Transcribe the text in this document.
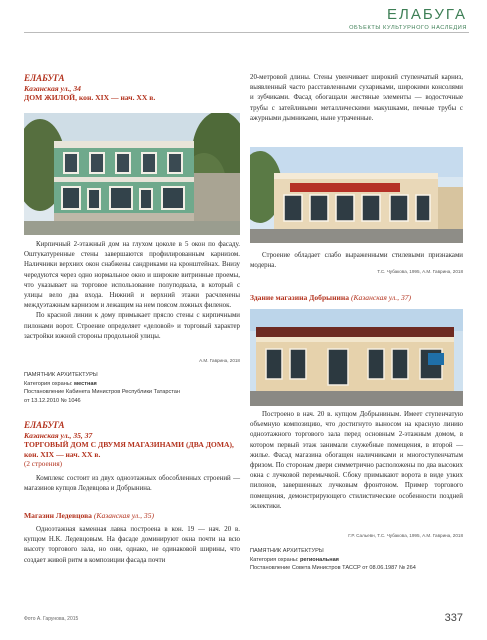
ЕЛАБУГА
ОБЪЕКТЫ КУЛЬТУРНОГО НАСЛЕДИЯ
ЕЛАБУГА
Казанская ул., 34
ДОМ ЖИЛОЙ, кон. XIX — нач. XX в.

Кирпичный 2-этажный дом на глухом цоколе в 5 окон по фасаду. Оштукатуренные стены завершаются профилированным карнизом. Наличники верхних окон снабжены сандриками на кронштейнах. Внизу чередуются через одно нормальное окно и широкие витринные проемы, что указывает на торговое использование полуподвала, в который с улицы вело два входа. Нижний и верхний этажи расчленены междуэтажным карнизом и лежащим на нем поясом ложных филенок.

По красной линии к дому примыкает прясло стены с кирпичными пилонами ворот. Строение определяет «деловой» и торговый характер застройки южной стороны продольной улицы.

А.М. Гаврина, 2018
ПАМЯТНИК АРХИТЕКТУРЫ
Категория охраны: местная
Постановление Кабинета Министров Республики Татарстан
от 13.12.2010 № 1046
ЕЛАБУГА
Казанская ул., 35, 37
ТОРГОВЫЙ ДОМ С ДВУМЯ МАГАЗИНАМИ (ДВА ДОМА), кон. XIX — нач. XX в.
(2 строения)

Комплекс состоит из двух одноэтажных обособленных строений — магазинов купцов Ледевцова и Добрынина.

Магазин Ледевцова (Казанская ул., 35)

Одноэтажная каменная лавка построена в кон. 19 — нач. 20 в. купцом Н.К. Ледевцовым. На фасаде доминируют окна почти на всю высоту торгового зала, но они, однако, не одинаковой ширины, что создает живой ритм в композиции фасада почти

Фото А. Гаруновa, 2015

20-метровой длины. Стены увенчивает широкий ступенчатый карниз, выявленный часто расставленными сухариками, широкими консолями и зубчиками. Фасад обогащали жестяные элементы — водосточные трубы с затейливыми металлическими макушками, печные трубы с ажурными дымниками, ныне утраченные.

Строение обладает слабо выраженными стилевыми признаками модерна.

Т.С. Чубакова, 1995, А.М. Гаврина, 2018
Здание магазина Добрынина (Казанская ул., 37)

Построено в нач. 20 в. купцом Добрыниным. Имеет ступенчатую объемную композицию, что достигнуто выносом на красную линию одноэтажного торгового зала перед основным 2-этажным домом, в котором первый этаж занимали служебные помещения, в второй — жилье. Фасад магазина обогащен наличниками и многоступенчатым фризом. По сторонам двери симметрично расположены по два высоких окна с лучковой перемычкой. Сбоку примыкают ворота в виде узких пилонов, завершенных лучковым фронтоном. Пример торгового помещения, демонстрирующего стилистические особенности поздней эклектики.

Г.Р. Сальевн, Т.С. Чубакова, 1995, А.М. Гаврина, 2018
ПАМЯТНИК АРХИТЕКТУРЫ
Категория охраны: региональная
Постановление Совета Министров ТАССР от 08.06.1987 № 264
337
